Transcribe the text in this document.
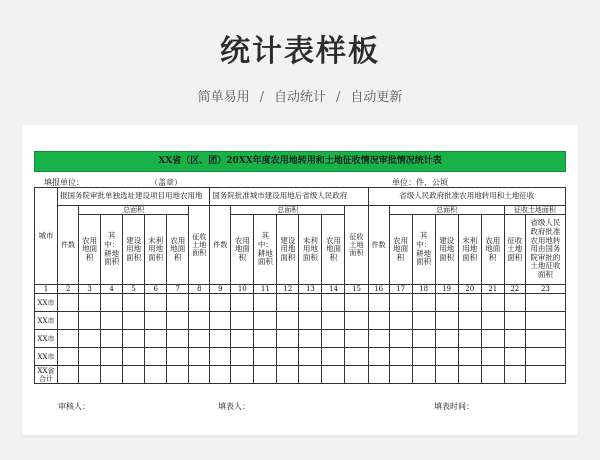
统计表样板
简单易用 / 自动统计 / 自动更新
XX省（区、团）20XX年度农用地转用和土地征收情况审批情况统计表
填报单位：	（盖章）	单位：件、公顷
城市	报国务院审批单独选址建设项目用地农用地							国务院批准城市建设用地后省级人民政府							省级人民政府批准农用地转用和土地征收							
	件数	总面积					征收土地面积	件数	总面积					征收土地面积	件数	总面积					征收土地面积	
		农用地面积	其中：耕地面积	建设用地面积	未利用地面积	农用地面积			农用地面积	其中：耕地面积	建设用地面积	未利用地面积	农用地面积			农用地面积	其中：耕地面积	建设用地面积	未利用地面积	农用地面积	征收土地面积	省级人民政府批准农用地转用由国务院审批的土地征收面积
1	2	3	4	5	6	7	8	9	10	11	12	13	14	15	16	17	18	19	20	21	22	23
XX市																						
XX市																						
XX市																						
XX市																						
XX省合计																						
审核人：	填表人：	填表时间：
